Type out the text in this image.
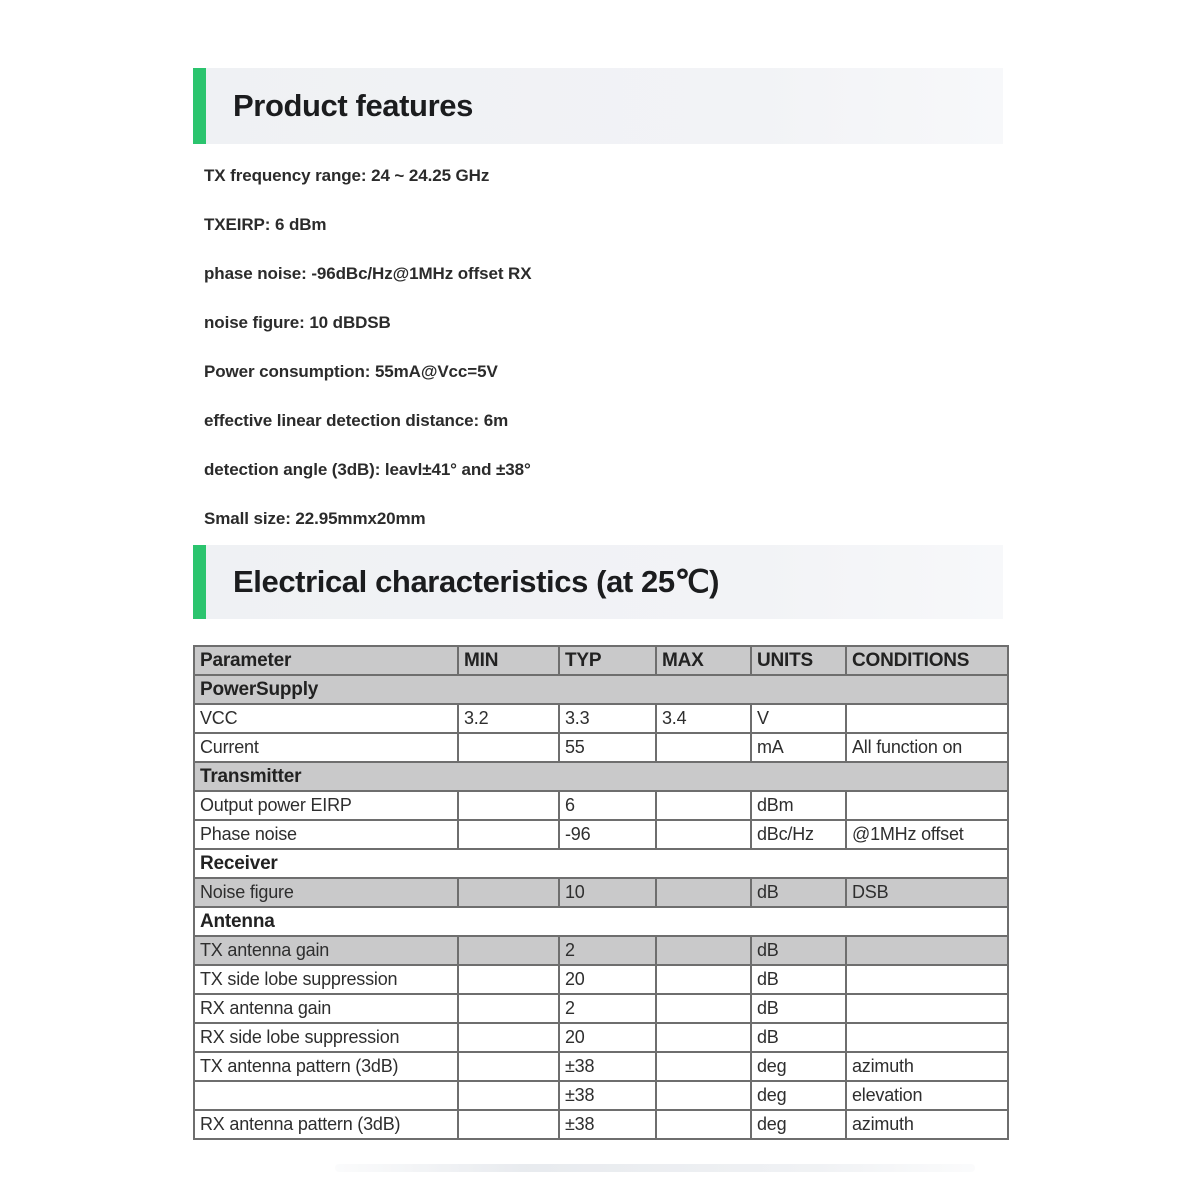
Product features
TX frequency range: 24 ~ 24.25 GHz
TXEIRP: 6 dBm
phase noise: -96dBc/Hz@1MHz offset RX
noise figure: 10 dBDSB
Power consumption: 55mA@Vcc=5V
effective linear detection distance: 6m
detection angle (3dB): leavl±41° and ±38°
Small size: 22.95mmx20mm
Electrical characteristics (at 25℃)
Parameter	MIN	TYP	MAX	UNITS	CONDITIONS
PowerSupply					
VCC	3.2	3.3	3.4	V	
Current		55		mA	All function on
Transmitter					
Output power EIRP		6		dBm	
Phase noise		-96		dBc/Hz	@1MHz offset
Receiver					
Noise figure		10		dB	DSB
Antenna					
TX antenna gain		2		dB	
TX side lobe suppression		20		dB	
RX antenna gain		2		dB	
RX side lobe suppression		20		dB	
TX antenna pattern (3dB)		±38		deg	azimuth
		±38		deg	elevation
RX antenna pattern (3dB)		±38		deg	azimuth
